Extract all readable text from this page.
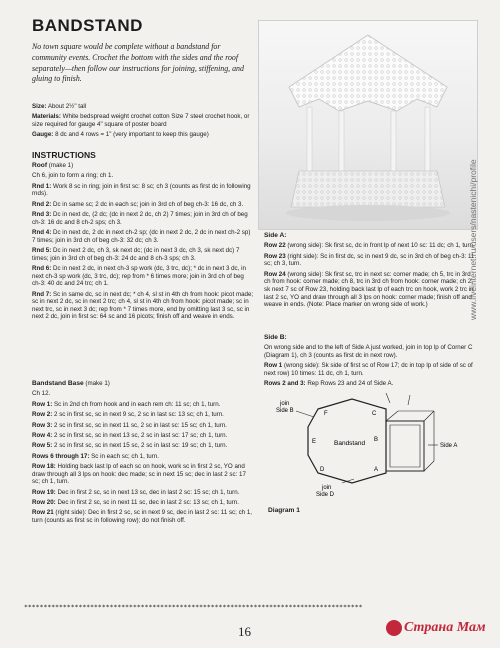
BANDSTAND

No town square would be complete without a bandstand for community events. Crochet the bottom with the sides and the roof separately—then follow our instructions for joining, stiffening, and gluing to finish.

Size: About 2½" tall

Materials: White bedspread weight crochet cotton Size 7 steel crochet hook, or size required for gauge 4" square of poster board

Gauge: 8 dc and 4 rows = 1" (very important to keep this gauge)

INSTRUCTIONS

Roof (make 1)

Ch 6, join to form a ring; ch 1.

Rnd 1: Work 8 sc in ring; join in first sc: 8 sc; ch 3 (counts as first dc in following rnds).

Rnd 2: Dc in same sc; 2 dc in each sc; join in 3rd ch of beg ch-3: 16 dc, ch 3.

Rnd 3: Dc in next dc, (2 dc; (dc in next 2 dc, ch 2) 7 times; join in 3rd ch of beg ch-3: 16 dc and 8 ch-2 sps; ch 3.

Rnd 4: Dc in next dc, 2 dc in next ch-2 sp; (dc in next 2 dc, 2 dc in next ch-2 sp) 7 times; join in 3rd ch of beg ch-3: 32 dc; ch 3.

Rnd 5: Dc in next 2 dc, ch 3, sk next dc; (dc in next 3 dc, ch 3, sk next dc) 7 times; join in 3rd ch of beg ch-3: 24 dc and 8 ch-3 sps; ch 3.

Rnd 6: Dc in next 2 dc, in next ch-3 sp work (dc, 3 trc, dc); * dc in next 3 dc, in next ch-3 sp work (dc, 3 trc, dc); rep from * 6 times more; join in 3rd ch of beg ch-3: 40 dc and 24 trc; ch 1.

Rnd 7: Sc in same dc, sc in next dc; * ch 4, sl st in 4th ch from hook: picot made; sc in next 2 dc, sc in next 2 trc; ch 4, sl st in 4th ch from hook: picot made; sc in next trc, sc in next 3 dc; rep from * 7 times more, end by omitting last 3 sc, sc in next 2 dc, join in first sc: 64 sc and 16 picots; finish off and weave in ends.

Bandstand Base (make 1)

Ch 12.

Row 1: Sc in 2nd ch from hook and in each rem ch: 11 sc; ch 1, turn.

Row 2: 2 sc in first sc, sc in next 9 sc, 2 sc in last sc: 13 sc; ch 1, turn.

Row 3: 2 sc in first sc, sc in next 11 sc, 2 sc in last sc: 15 sc; ch 1, turn.

Row 4: 2 sc in first sc, sc in next 13 sc, 2 sc in last sc: 17 sc; ch 1, turn.

Row 5: 2 sc in first sc, sc in next 15 sc, 2 sc in last sc: 19 sc; ch 1, turn.

Rows 6 through 17: Sc in each sc; ch 1, turn.

Row 18: Holding back last lp of each sc on hook, work sc in first 2 sc, YO and draw through all 3 lps on hook: dec made; sc in next 15 sc; dec in last 2 sc: 17 sc; ch 1, turn.

Row 19: Dec in first 2 sc, sc in next 13 sc, dec in last 2 sc: 15 sc; ch 1, turn.

Row 20: Dec in first 2 sc, sc in next 11 sc, dec in last 2 sc: 13 sc; ch 1, turn.

Row 21 (right side): Dec in first 2 sc, sc in next 9 sc, dec in last 2 sc: 11 sc; ch 1, turn (counts as first sc in following row); do not finish off.

Side A:

Row 22 (wrong side): Sk first sc, dc in front lp of next 10 sc: 11 dc; ch 1, turn.

Row 23 (right side): Sc in first dc, sc in next 9 dc, sc in 3rd ch of beg ch-3: 11 sc; ch 3, turn.

Row 24 (wrong side): Sk first sc, trc in next sc: corner made; ch 5, trc in 3rd ch from hook: corner made; ch 8, trc in 3rd ch from hook: corner made; ch 2, sk next 7 sc of Row 23, holding back last lp of each trc on hook, work 2 trc in last 2 sc, YO and draw through all 3 lps on hook: corner made; finish off and weave in ends. (Note: Place marker on wrong side of work.)

Side B:

On wrong side and to the left of Side A just worked, join in top lp of Corner C (Diagram 1), ch 3 (counts as first dc in next row).

Row 1 (wrong side): Sk side of first sc of Row 17; dc in top lp of side of sc of next row) 10 times: 11 dc, ch 1, turn.

Rows 2 and 3: Rep Rows 23 and 24 of Side A.

Bandstand
C
B
D
E
F
A
join Side B
join Side D
Side A
Diagram 1
***************************************************************************************
16
www.liveinternet.ru/users/nastenichi/profile
Страна Мам
